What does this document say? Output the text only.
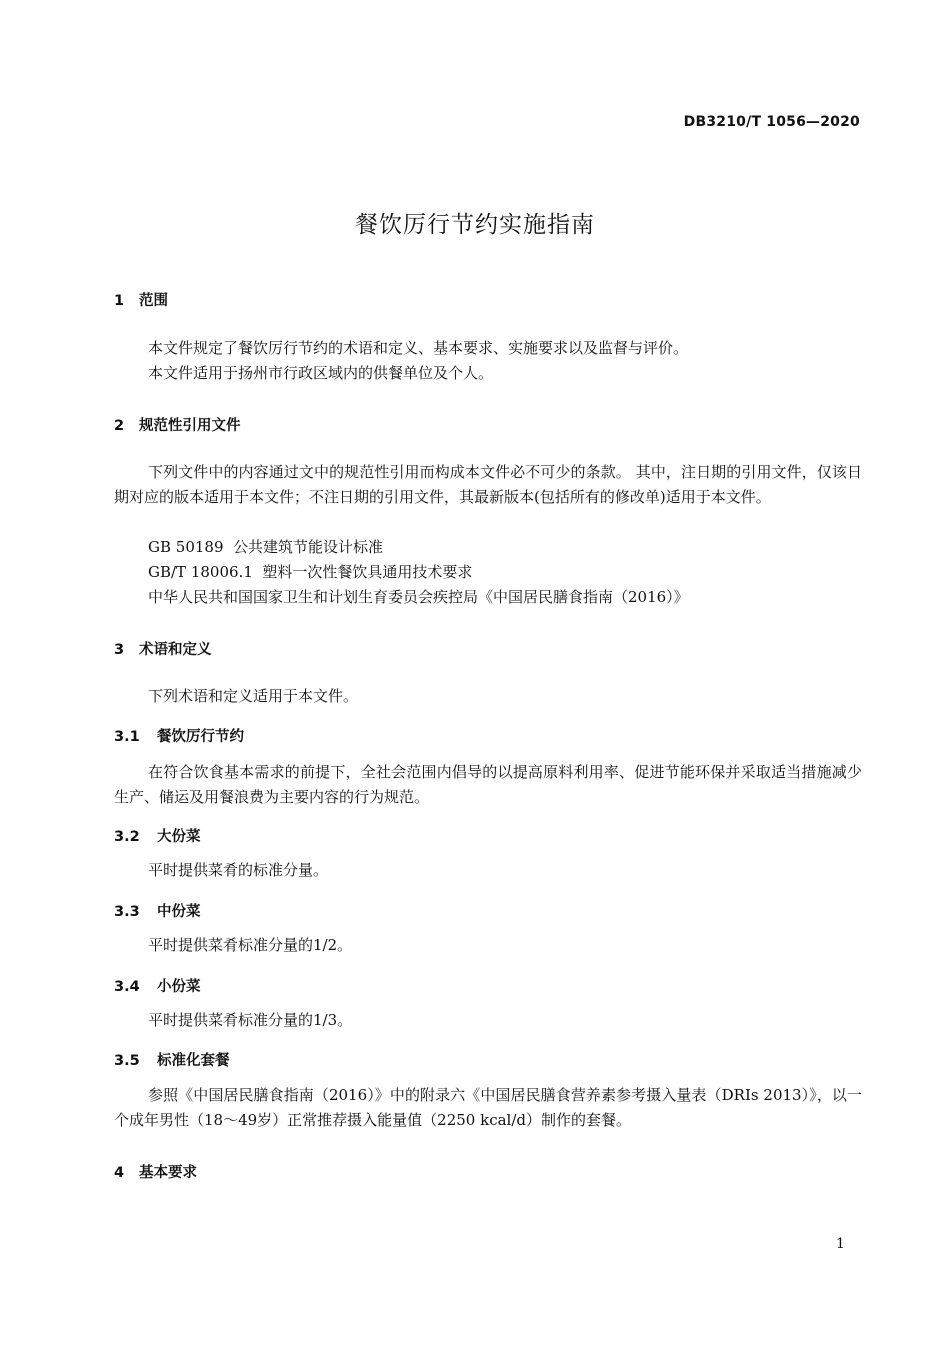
DB3210/T 1056—2020
餐饮厉行节约实施指南
1 范围
本文件规定了餐饮厉行节约的术语和定义、基本要求、实施要求以及监督与评价。
本文件适用于扬州市行政区域内的供餐单位及个人。
2 规范性引用文件
下列文件中的内容通过文中的规范性引用而构成本文件必不可少的条款。 其中，注日期的引用文件，仅该日期对应的版本适用于本文件；不注日期的引用文件，其最新版本(包括所有的修改单)适用于本文件。
GB 50189  公共建筑节能设计标准
GB/T 18006.1  塑料一次性餐饮具通用技术要求
中华人民共和国国家卫生和计划生育委员会疾控局《中国居民膳食指南（2016）》
3 术语和定义
下列术语和定义适用于本文件。
3.1 餐饮厉行节约
在符合饮食基本需求的前提下，全社会范围内倡导的以提高原料利用率、促进节能环保并采取适当措施减少生产、储运及用餐浪费为主要内容的行为规范。
3.2 大份菜
平时提供菜肴的标准分量。
3.3 中份菜
平时提供菜肴标准分量的1/2。
3.4 小份菜
平时提供菜肴标准分量的1/3。
3.5 标准化套餐
参照《中国居民膳食指南（2016）》中的附录六《中国居民膳食营养素参考摄入量表（DRIs 2013）》，以一个成年男性（18～49岁）正常推荐摄入能量值（2250 kcal/d）制作的套餐。
4 基本要求
1
